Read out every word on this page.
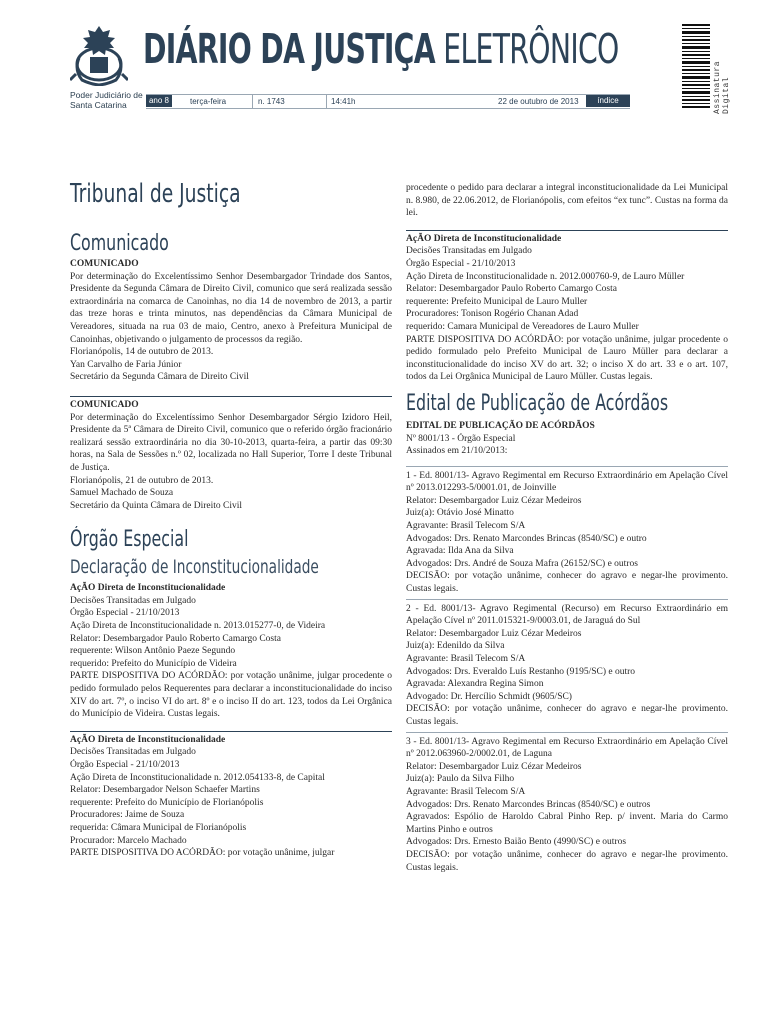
Poder Judiciário de
Santa Catarina
DIÁRIO DA JUSTIÇA ELETRÔNICO
ano 8	terça-feira	n. 1743	14:41h	22 de outubro de 2013	índice	Assinatura Digital
Tribunal de Justiça
Comunicado
COMUNICADO

Por determinação do Excelentíssimo Senhor Desembargador Trindade dos Santos, Presidente da Segunda Câmara de Direito Civil, comunico que será realizada sessão extraordinária na comarca de Canoinhas, no dia 14 de novembro de 2013, a partir das treze horas e trinta minutos, nas dependências da Câmara Municipal de Vereadores, situada na rua 03 de maio, Centro, anexo à Prefeitura Municipal de Canoinhas, objetivando o julgamento de processos da região.

Florianópolis, 14 de outubro de 2013.
Yan Carvalho de Faria Júnior
Secretário da Segunda Câmara de Direito Civil
COMUNICADO

Por determinação do Excelentíssimo Senhor Desembargador Sérgio Izidoro Heil, Presidente da 5ª Câmara de Direito Civil, comunico que o referido órgão fracionário realizará sessão extraordinária no dia 30-10-2013, quarta-feira, a partir das 09:30 horas, na Sala de Sessões n.º 02, localizada no Hall Superior, Torre I deste Tribunal de Justiça.

Florianópolis, 21 de outubro de 2013.
Samuel Machado de Souza
Secretário da Quinta Câmara de Direito Civil
Órgão Especial
Declaração de Inconstitucionalidade
AçÃO Direta de Inconstitucionalidade
Decisões Transitadas em Julgado
Órgão Especial - 21/10/2013
Ação Direta de Inconstitucionalidade n. 2013.015277-0, de Videira
Relator: Desembargador Paulo Roberto Camargo Costa
requerente: Wilson Antônio Paeze Segundo
requerido: Prefeito do Município de Videira

PARTE DISPOSITIVA DO ACÓRDÃO: por votação unânime, julgar procedente o pedido formulado pelos Requerentes para declarar a inconstitucionalidade do inciso XIV do art. 7º, o inciso VI do art. 8º e o inciso II do art. 123, todos da Lei Orgânica do Município de Videira. Custas legais.

AçÃO Direta de Inconstitucionalidade
Decisões Transitadas em Julgado
Órgão Especial - 21/10/2013
Ação Direta de Inconstitucionalidade n. 2012.054133-8, de Capital
Relator: Desembargador Nelson Schaefer Martins
requerente: Prefeito do Município de Florianópolis
Procuradores: Jaime de Souza
requerida: Câmara Municipal de Florianópolis
Procurador: Marcelo Machado
PARTE DISPOSITIVA DO ACÓRDÃO: por votação unânime, julgar

procedente o pedido para declarar a integral inconstitucionalidade da Lei Municipal n. 8.980, de 22.06.2012, de Florianópolis, com efeitos “ex tunc”. Custas na forma da lei.

AçÃO Direta de Inconstitucionalidade
Decisões Transitadas em Julgado
Órgão Especial - 21/10/2013
Ação Direta de Inconstitucionalidade n. 2012.000760-9, de Lauro Müller
Relator: Desembargador Paulo Roberto Camargo Costa
requerente: Prefeito Municipal de Lauro Muller
Procuradores: Tonison Rogério Chanan Adad
requerido: Camara Municipal de Vereadores de Lauro Muller

PARTE DISPOSITIVA DO ACÓRDÃO: por votação unânime, julgar procedente o pedido formulado pelo Prefeito Municipal de Lauro Müller para declarar a inconstitucionalidade do inciso XV do art. 32; o inciso X do art. 33 e o art. 107, todos da Lei Orgânica Municipal de Lauro Müller. Custas legais.

Edital de Publicação de Acórdãos
EDITAL DE PUBLICAÇÃO DE ACÓRDÃOS
Nº 8001/13 - Órgão Especial
Assinados em 21/10/2013:

1 - Ed. 8001/13- Agravo Regimental em Recurso Extraordinário em Apelação Cível nº 2013.012293-5/0001.01, de Joinville

Relator: Desembargador Luiz Cézar Medeiros
Juiz(a): Otávio José Minatto
Agravante: Brasil Telecom S/A
Advogados: Drs. Renato Marcondes Brincas (8540/SC) e outro
Agravada: Ilda Ana da Silva
Advogados: Drs. André de Souza Mafra (26152/SC) e outros

DECISÃO: por votação unânime, conhecer do agravo e negar-lhe provimento. Custas legais.

2 - Ed. 8001/13- Agravo Regimental (Recurso) em Recurso Extraordinário em Apelação Cível nº 2011.015321-9/0003.01, de Jaraguá do Sul

Relator: Desembargador Luiz Cézar Medeiros
Juiz(a): Edenildo da Silva
Agravante: Brasil Telecom S/A
Advogados: Drs. Everaldo Luís Restanho (9195/SC) e outro
Agravada: Alexandra Regina Simon
Advogado: Dr. Hercílio Schmidt (9605/SC)

DECISÃO: por votação unânime, conhecer do agravo e negar-lhe provimento. Custas legais.

3 - Ed. 8001/13- Agravo Regimental em Recurso Extraordinário em Apelação Cível nº 2012.063960-2/0002.01, de Laguna

Relator: Desembargador Luiz Cézar Medeiros
Juiz(a): Paulo da Silva Filho
Agravante: Brasil Telecom S/A
Advogados: Drs. Renato Marcondes Brincas (8540/SC) e outros

Agravados: Espólio de Haroldo Cabral Pinho Rep. p/ invent. Maria do Carmo Martins Pinho e outros

Advogados: Drs. Ernesto Baião Bento (4990/SC) e outros

DECISÃO: por votação unânime, conhecer do agravo e negar-lhe provimento. Custas legais.
